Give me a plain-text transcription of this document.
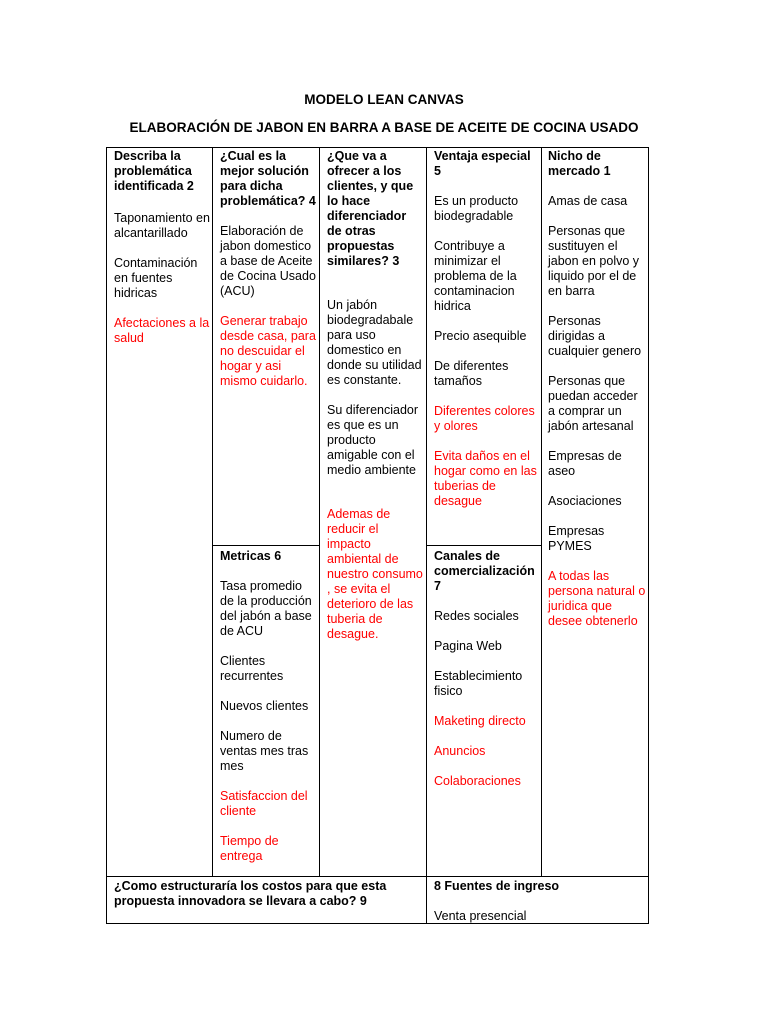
MODELO LEAN CANVAS
ELABORACIÓN DE JABON EN BARRA A BASE DE ACEITE DE COCINA USADO
Describa la problemática identificada 2

Taponamiento en alcantarillado

Contaminación en fuentes hidricas

Afectaciones a la salud

¿Cual es la mejor solución para dicha problemática? 4

Elaboración de jabon domestico a base de Aceite de Cocina Usado (ACU)

Generar trabajo desde casa, para no descuidar el hogar y asi mismo cuidarlo.

Metricas 6

Tasa promedio de la producción del jabón a base de ACU

Clientes recurrentes

Nuevos clientes

Numero de ventas mes tras mes

Satisfaccion del cliente

Tiempo de entrega

¿Que va a ofrecer a los clientes, y que lo hace diferenciador de otras propuestas similares? 3

Un jabón biodegradabale para uso domestico en donde su utilidad es constante.

Su diferenciador es que es un producto amigable con el medio ambiente

Ademas de reducir el impacto ambiental de nuestro consumo , se evita el deterioro de las tuberia de desague.

Ventaja especial 5

Es un producto biodegradable

Contribuye a minimizar el problema de la contaminacion hidrica

Precio asequible

De diferentes tamaños

Diferentes colores y olores

Evita daños en el hogar como en las tuberias de desague

Canales de comercialización 7

Redes sociales

Pagina Web

Establecimiento fisico

Maketing directo

Anuncios

Colaboraciones

Nicho de mercado 1

Amas de casa

Personas que sustituyen el jabon en polvo y liquido por el de en barra

Personas dirigidas a cualquier genero

Personas que puedan acceder a comprar un jabón artesanal

Empresas de aseo

Asociaciones

Empresas PYMES

A todas las persona natural o juridica que desee obtenerlo

¿Como estructuraría los costos para que esta propuesta innovadora se llevara a cabo? 9
8 Fuentes de ingreso

Venta presencial
